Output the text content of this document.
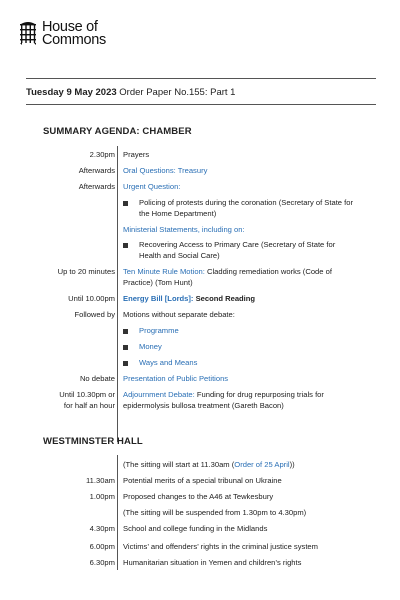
House of
Commons
Tuesday 9 May 2023 Order Paper No.155: Part 1
SUMMARY AGENDA: CHAMBER
2.30pm Prayers
Afterwards Oral Questions: Treasury
Afterwards Urgent Question:
Policing of protests during the coronation (Secretary of State for the Home Department)
Ministerial Statements, including on:
Recovering Access to Primary Care (Secretary of State for Health and Social Care)
Up to 20 minutes Ten Minute Rule Motion: Cladding remediation works (Code of Practice) (Tom Hunt)
Until 10.00pm Energy Bill [Lords]: Second Reading
Followed by Motions without separate debate:
Programme
Money
Ways and Means
No debate Presentation of Public Petitions
Until 10.30pm or
for half an hour
Adjournment Debate: Funding for drug repurposing trials for epidermolysis bullosa treatment (Gareth Bacon)
WESTMINSTER HALL
(The sitting will start at 11.30am (Order of 25 April))
11.30am Potential merits of a special tribunal on Ukraine
1.00pm Proposed changes to the A46 at Tewkesbury
(The sitting will be suspended from 1.30pm to 4.30pm)
4.30pm School and college funding in the Midlands
6.00pm Victims’ and offenders’ rights in the criminal justice system
6.30pm Humanitarian situation in Yemen and children’s rights
